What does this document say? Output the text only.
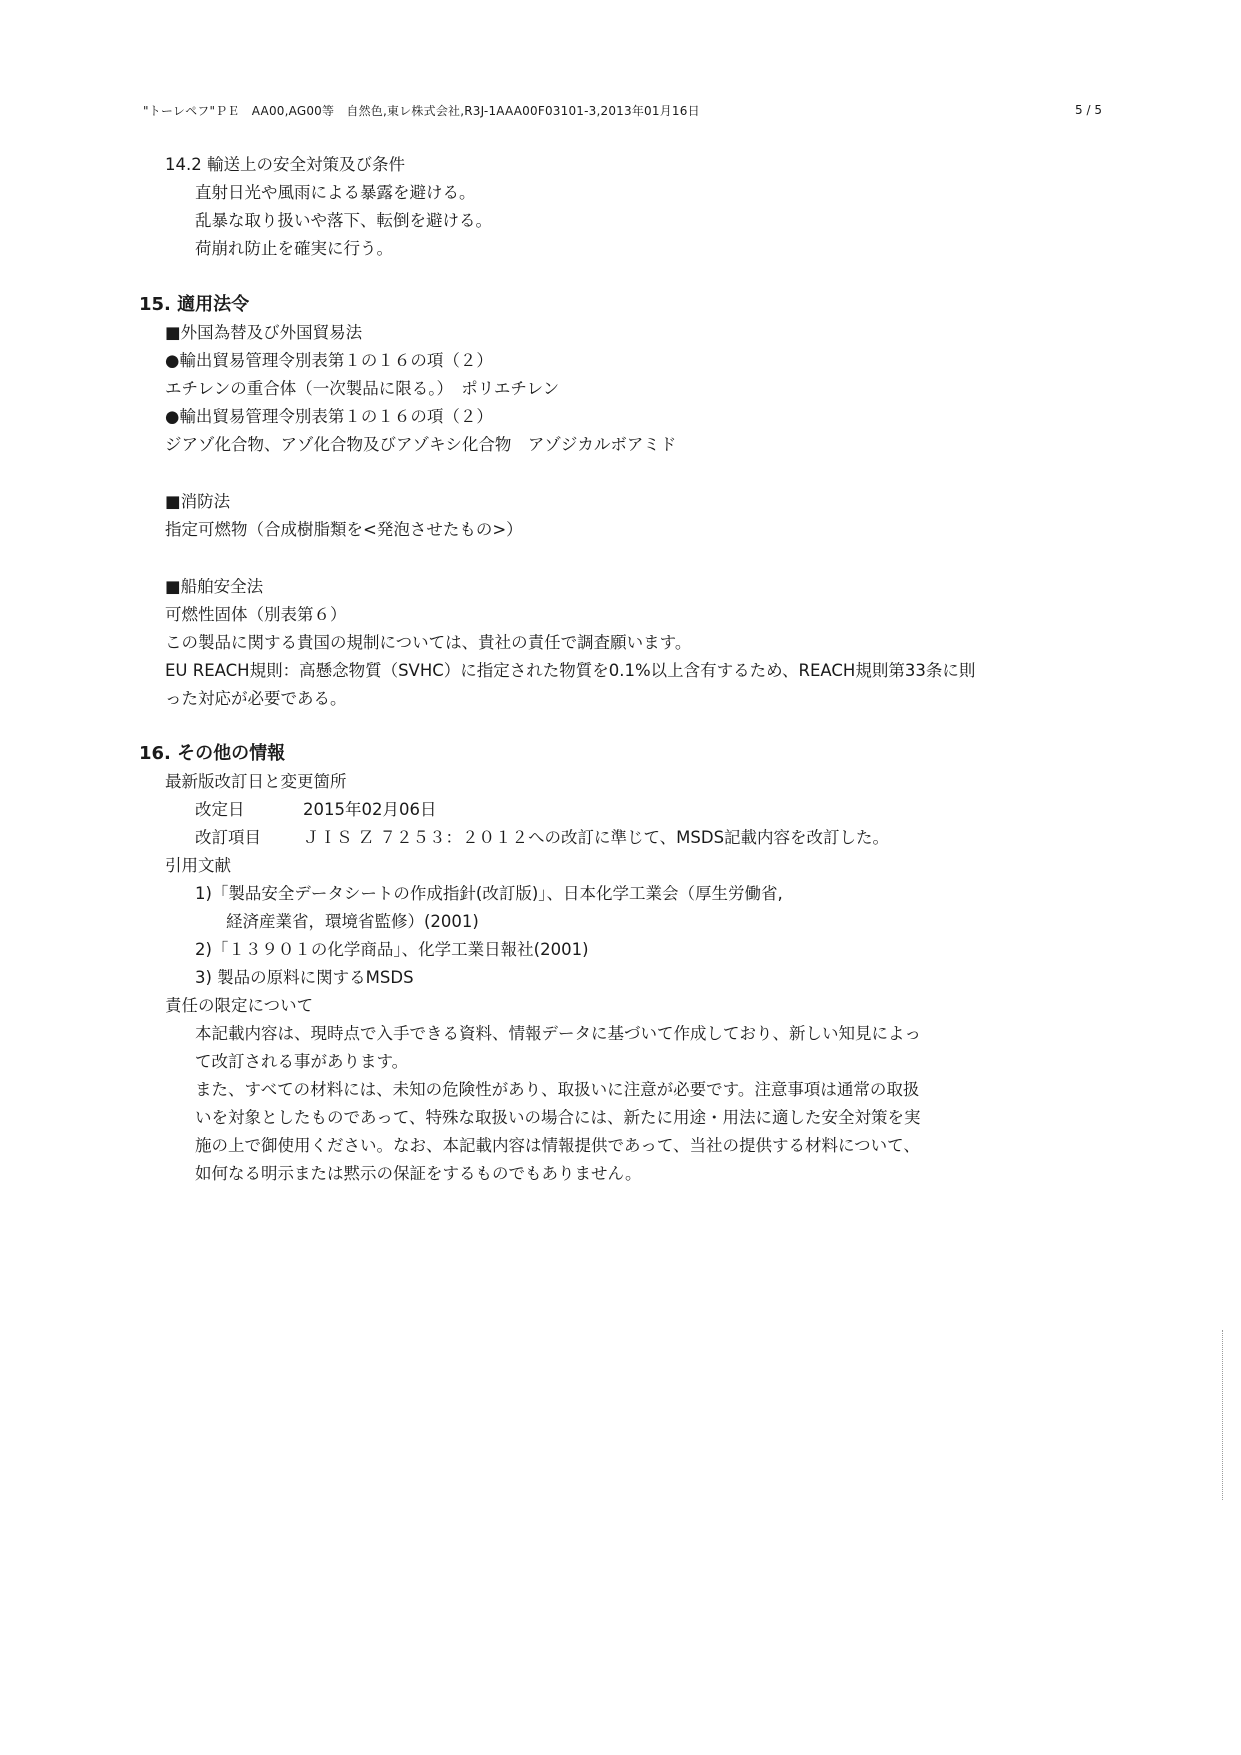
"トーレペフ"ＰＥ　AA00,AG00等　自然色,東レ株式会社,R3J-1AAA00F03101-3,2013年01月16日	5 / 5
14.2 輸送上の安全対策及び条件
直射日光や風雨による暴露を避ける。
乱暴な取り扱いや落下、転倒を避ける。
荷崩れ防止を確実に行う。
15. 適用法令
■外国為替及び外国貿易法
●輸出貿易管理令別表第１の１６の項（２）
エチレンの重合体（一次製品に限る。）　ポリエチレン
●輸出貿易管理令別表第１の１６の項（２）
ジアゾ化合物、アゾ化合物及びアゾキシ化合物　アゾジカルボアミド
■消防法
指定可燃物（合成樹脂類を<発泡させたもの>）
■船舶安全法
可燃性固体（別表第６）
この製品に関する貴国の規制については、貴社の責任で調査願います。
EU REACH規則：高懸念物質（SVHC）に指定された物質を0.1%以上含有するため、REACH規則第33条に則
った対応が必要である。
16. その他の情報
最新版改訂日と変更箇所
改定日	2015年02月06日
改訂項目	ＪＩＳ Ｚ ７２５３：２０１２への改訂に準じて、MSDS記載内容を改訂した。
引用文献
1)「製品安全データシートの作成指針(改訂版)」、日本化学工業会（厚生労働省,
経済産業省，環境省監修）(2001)
2)「１３９０１の化学商品」、化学工業日報社(2001)
3) 製品の原料に関するMSDS
責任の限定について
本記載内容は、現時点で入手できる資料、情報データに基づいて作成しており、新しい知見によっ
て改訂される事があります。
また、すべての材料には、未知の危険性があり、取扱いに注意が必要です。注意事項は通常の取扱
いを対象としたものであって、特殊な取扱いの場合には、新たに用途・用法に適した安全対策を実
施の上で御使用ください。なお、本記載内容は情報提供であって、当社の提供する材料について、
如何なる明示または黙示の保証をするものでもありません。
